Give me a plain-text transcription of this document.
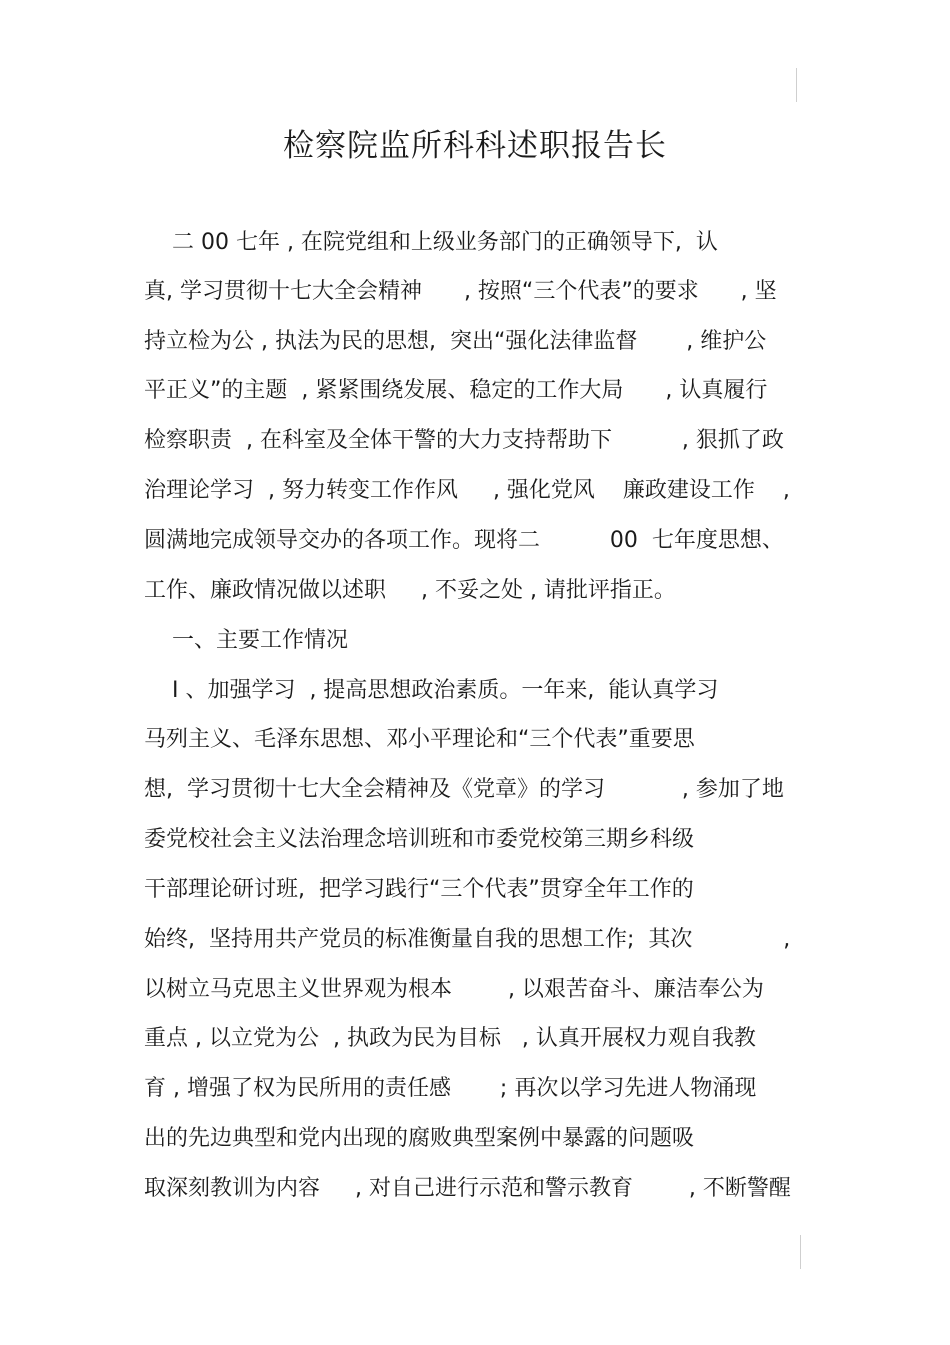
检察院监所科科述职报告长
二 00 七年 , 在院党组和上级业务部门的正确领导下,  认
真, 学习贯彻十七大全会精神      , 按照“三个代表”的要求      , 坚
持立检为公 , 执法为民的思想,  突出“强化法律监督       , 维护公
平正义”的主题  , 紧紧围绕发展、稳定的工作大局      , 认真履行
检察职责  , 在科室及全体干警的大力支持帮助下          , 狠抓了政
治理论学习  , 努力转变工作作风     , 强化党风    廉政建设工作    ,
圆满地完成领导交办的各项工作。现将二          00  七年度思想、
工作、廉政情况做以述职     , 不妥之处 , 请批评指正。
一、主要工作情况
I 、加强学习  , 提高思想政治素质。一年来,  能认真学习
马列主义、毛泽东思想、邓小平理论和“三个代表”重要思
想,  学习贯彻十七大全会精神及《党章》的学习           , 参加了地
委党校社会主义法治理念培训班和市委党校第三期乡科级
干部理论研讨班,  把学习践行“三个代表”贯穿全年工作的
始终,  坚持用共产党员的标准衡量自我的思想工作;  其次             ,
以树立马克思主义世界观为根本        , 以艰苦奋斗、廉洁奉公为
重点 , 以立党为公  , 执政为民为目标   , 认真开展权力观自我教
育 , 增强了权为民所用的责任感       ; 再次以学习先进人物涌现
出的先边典型和党内出现的腐败典型案例中暴露的问题吸
取深刻教训为内容     , 对自己进行示范和警示教育        , 不断警醒
